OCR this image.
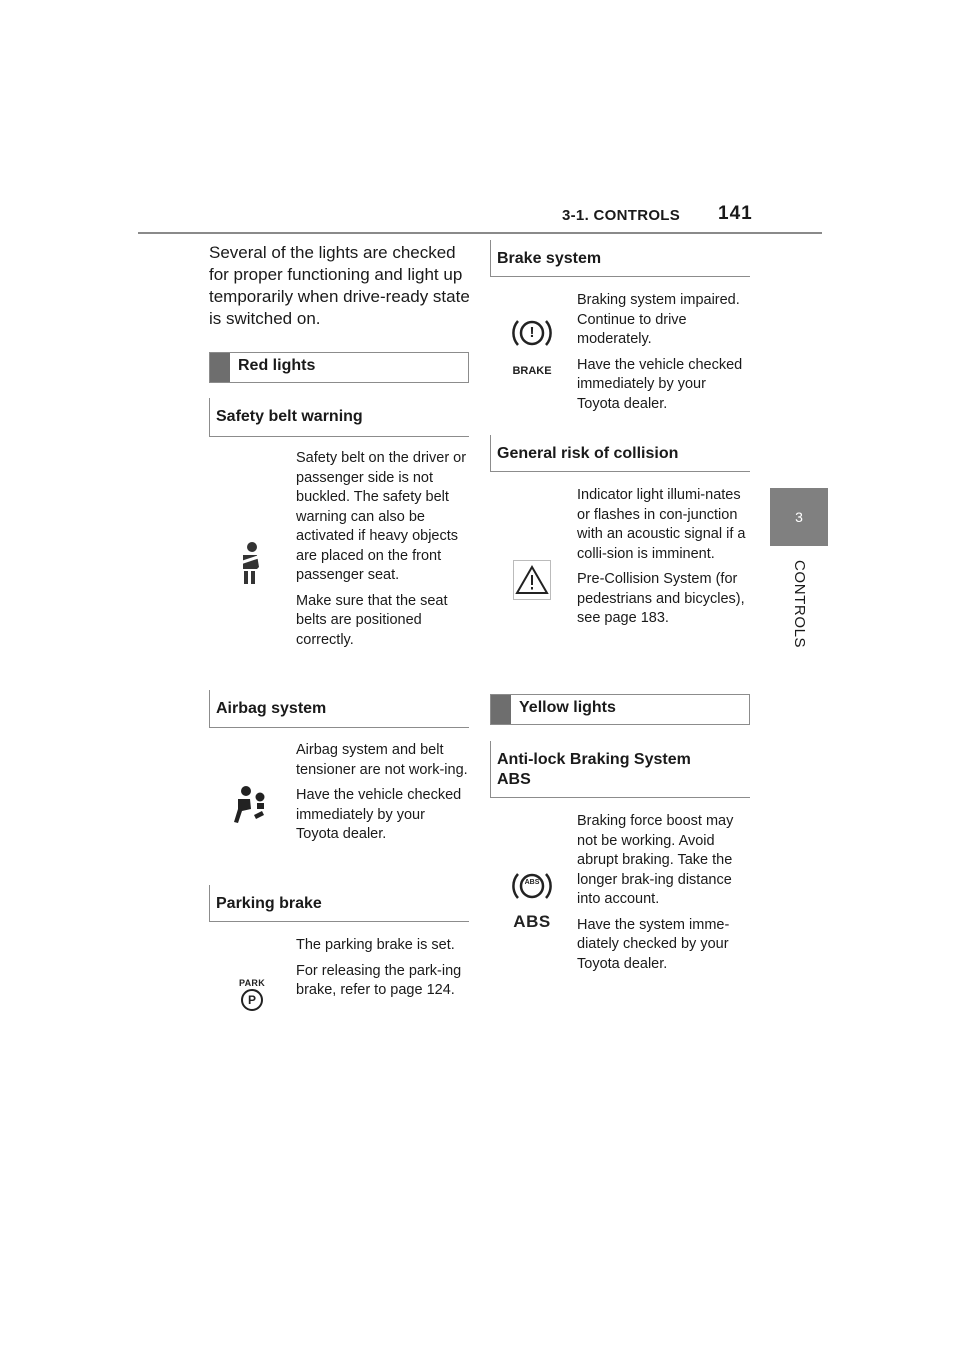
3-1. CONTROLS 141
3
CONTROLS
Several of the lights are checked for proper functioning and light up temporarily when drive-ready state is switched on.
Red lights
Safety belt warning

Safety belt on the driver or passenger side is not buckled. The safety belt warning can also be activated if heavy objects are placed on the front passenger seat.

Make sure that the seat belts are positioned correctly.

Airbag system

Airbag system and belt tensioner are not work-ing.

Have the vehicle checked immediately by your Toyota dealer.

Parking brake
PARK
P

The parking brake is set.

For releasing the park-ing brake, refer to page 124.

Brake system
!
BRAKE

Braking system impaired. Continue to drive moderately.

Have the vehicle checked immediately by your Toyota dealer.

General risk of collision

Indicator light illumi-nates or flashes in con-junction with an acoustic signal if a colli-sion is imminent.

Pre-Collision System (for pedestrians and bicycles), see page 183.

Yellow lights
Anti-lock Braking System
ABS
ABS
ABS

Braking force boost may not be working. Avoid abrupt braking. Take the longer brak-ing distance into account.

Have the system imme-diately checked by your Toyota dealer.
